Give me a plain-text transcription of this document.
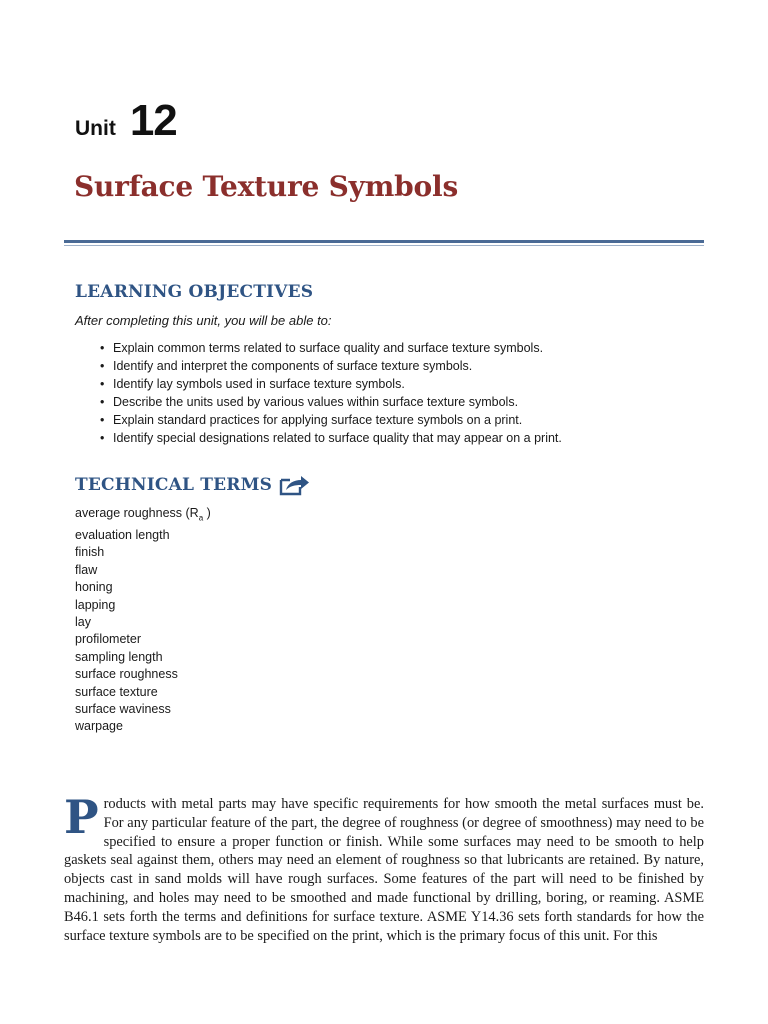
Unit 12
Surface Texture Symbols
LEARNING OBJECTIVES

After completing this unit, you will be able to:

• Explain common terms related to surface quality and surface texture symbols.
• Identify and interpret the components of surface texture symbols.
• Identify lay symbols used in surface texture symbols.
• Describe the units used by various values within surface texture symbols.
• Explain standard practices for applying surface texture symbols on a print.
• Identify special designations related to surface quality that may appear on a print.
TECHNICAL TERMS
average roughness ($R_a$ )
evaluation length
finish
flaw
honing
lapping
lay
profilometer
sampling length
surface roughness
surface texture
surface waviness
warpage

Products with metal parts may have specific requirements for how smooth the metal surfaces must be. For any particular feature of the part, the degree of roughness (or degree of smoothness) may need to be specified to ensure a proper function or finish. While some surfaces may need to be smooth to help gaskets seal against them, others may need an element of roughness so that lubricants are retained. By nature, objects cast in sand molds will have rough surfaces. Some features of the part will need to be finished by machining, and holes may need to be smoothed and made functional by drilling, boring, or reaming. ASME B46.1 sets forth the terms and definitions for surface texture. ASME Y14.36 sets forth standards for how the surface texture symbols are to be specified on the print, which is the primary focus of this unit. For this
